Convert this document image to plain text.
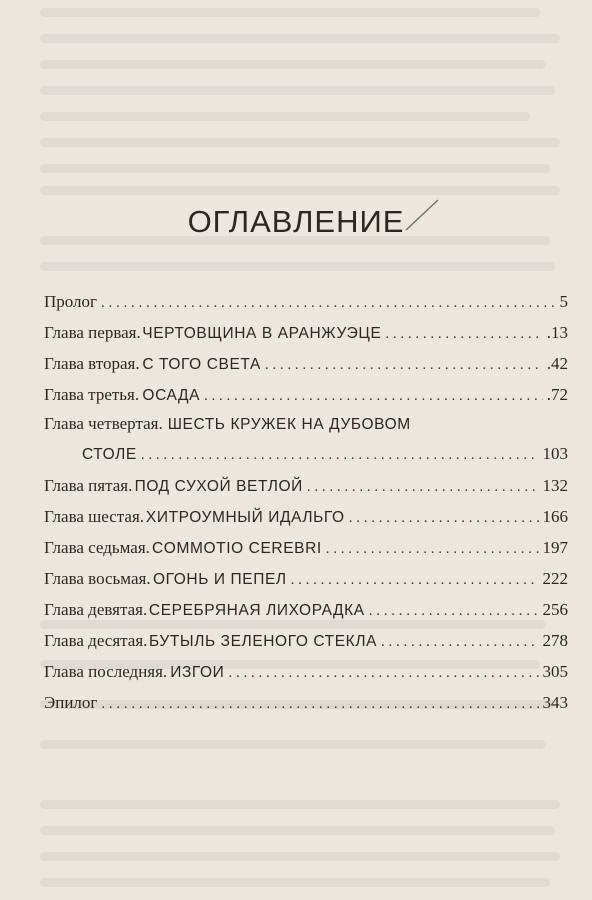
ОГЛАВЛЕНИЕ
Пролог . . .	5
Глава первая. ЧЕРТОВЩИНА В АРАНЖУЭЦЕ . . .	.13
Глава вторая. С ТОГО СВЕТА . . .	.42
Глава третья. ОСАДА . . .	.72
Глава четвертая. ШЕСТЬ КРУЖЕК НА ДУБОВОМ
СТОЛЕ . . .	103
Глава пятая. ПОД СУХОЙ ВЕТЛОЙ . . .	132
Глава шестая. ХИТРОУМНЫЙ ИДАЛЬГО . . .	166
Глава седьмая. COMMOTIO CEREBRI . . .	197
Глава восьмая. ОГОНЬ И ПЕПЕЛ . . .	222
Глава девятая. СЕРЕБРЯНАЯ ЛИХОРАДКА . . .	256
Глава десятая. БУТЫЛЬ ЗЕЛЕНОГО СТЕКЛА . . .	278
Глава последняя. ИЗГОИ . . .	305
Эпилог . . .	343
